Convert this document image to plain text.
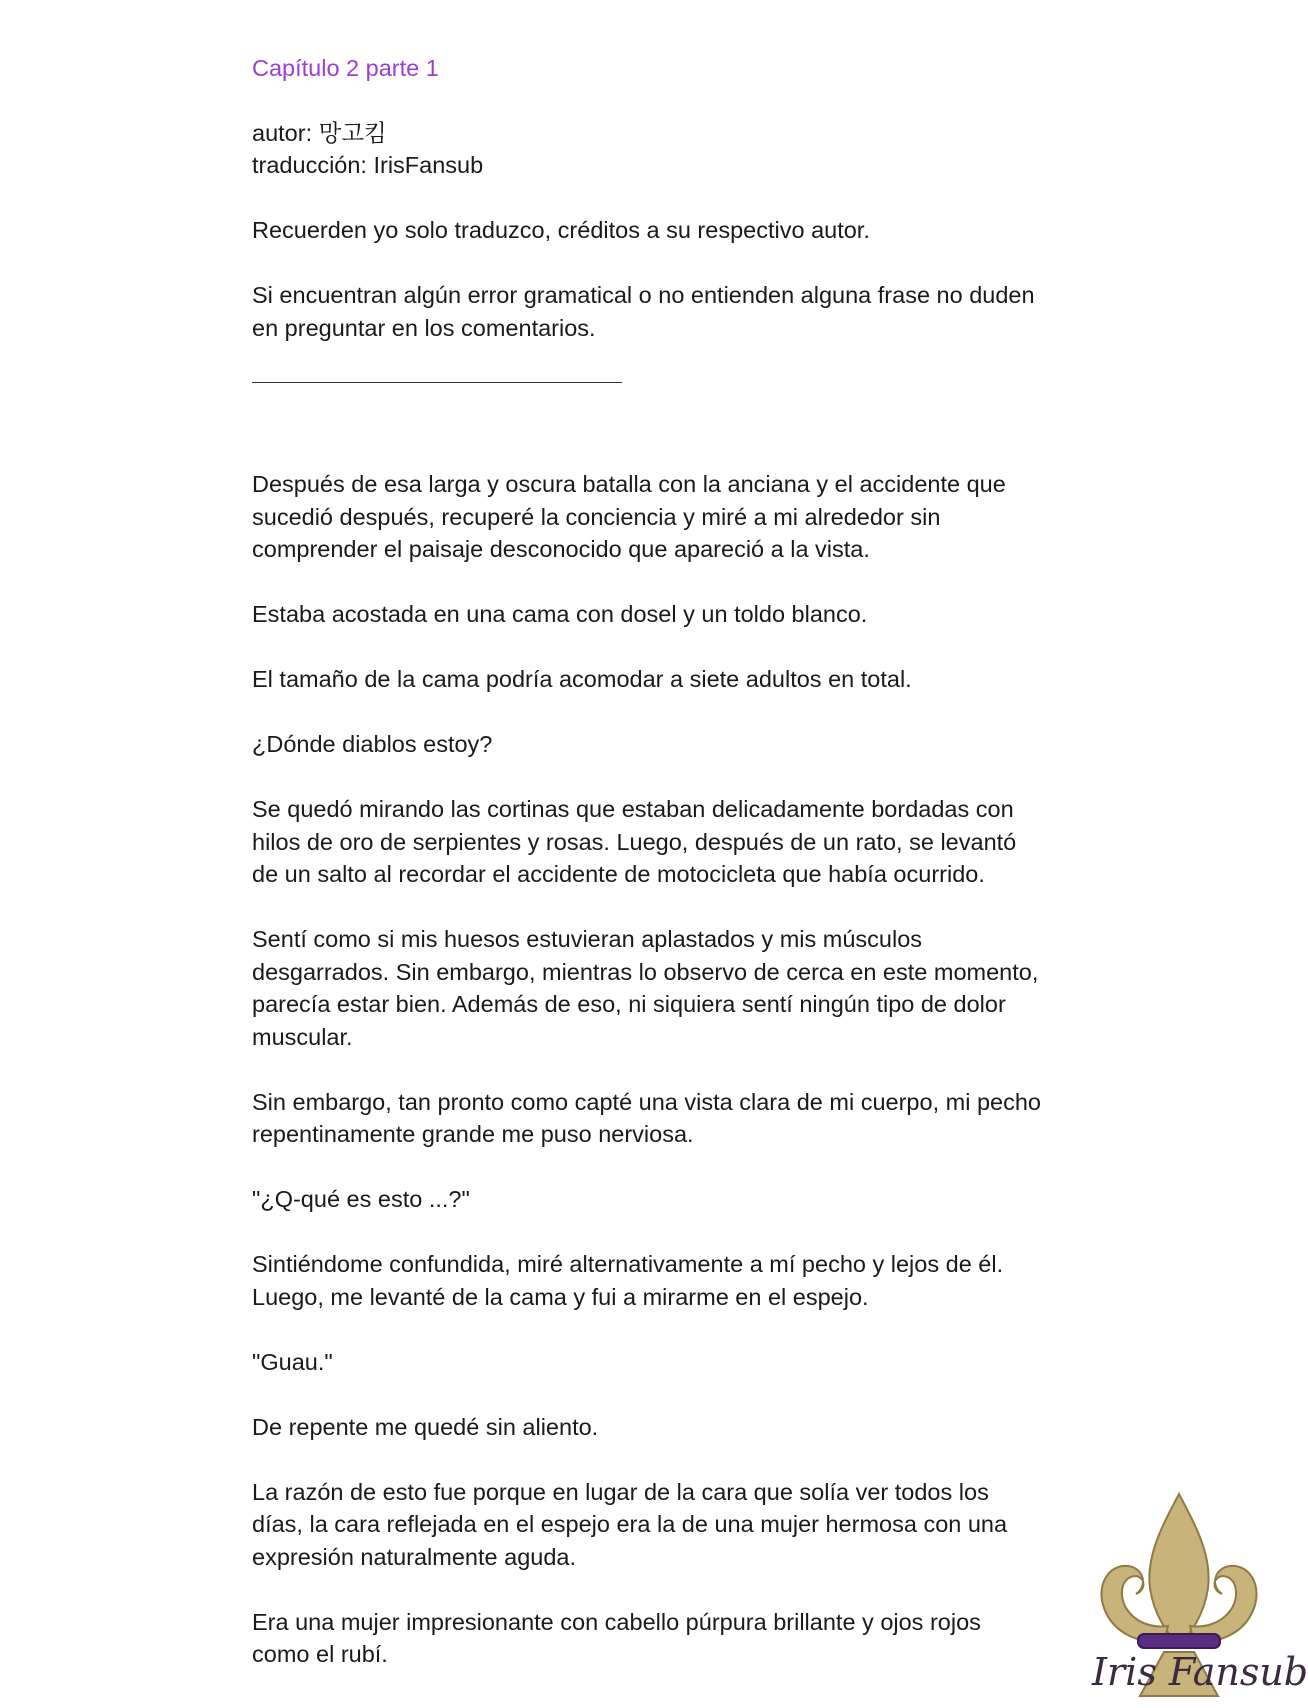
Capítulo 2 parte 1
autor: 망고킴
traducción: IrisFansub

Recuerden yo solo traduzco, créditos a su respectivo autor.

Si encuentran algún error gramatical o no entienden alguna frase no duden en preguntar en los comentarios.

Después de esa larga y oscura batalla con la anciana y el accidente que sucedió después, recuperé la conciencia y miré a mi alrededor sin comprender el paisaje desconocido que apareció a la vista.

Estaba acostada en una cama con dosel y un toldo blanco.

El tamaño de la cama podría acomodar a siete adultos en total.

¿Dónde diablos estoy?

Se quedó mirando las cortinas que estaban delicadamente bordadas con hilos de oro de serpientes y rosas. Luego, después de un rato, se levantó de un salto al recordar el accidente de motocicleta que había ocurrido.

Sentí como si mis huesos estuvieran aplastados y mis músculos desgarrados. Sin embargo, mientras lo observo de cerca en este momento, parecía estar bien. Además de eso, ni siquiera sentí ningún tipo de dolor muscular.

Sin embargo, tan pronto como capté una vista clara de mi cuerpo, mi pecho repentinamente grande me puso nerviosa.

"¿Q-qué es esto ...?"

Sintiéndome confundida, miré alternativamente a mí pecho y lejos de él. Luego, me levanté de la cama y fui a mirarme en el espejo.

"Guau."

De repente me quedé sin aliento.

La razón de esto fue porque en lugar de la cara que solía ver todos los días, la cara reflejada en el espejo era la de una mujer hermosa con una expresión naturalmente aguda.

Era una mujer impresionante con cabello púrpura brillante y ojos rojos como el rubí.	Iris Fansub
